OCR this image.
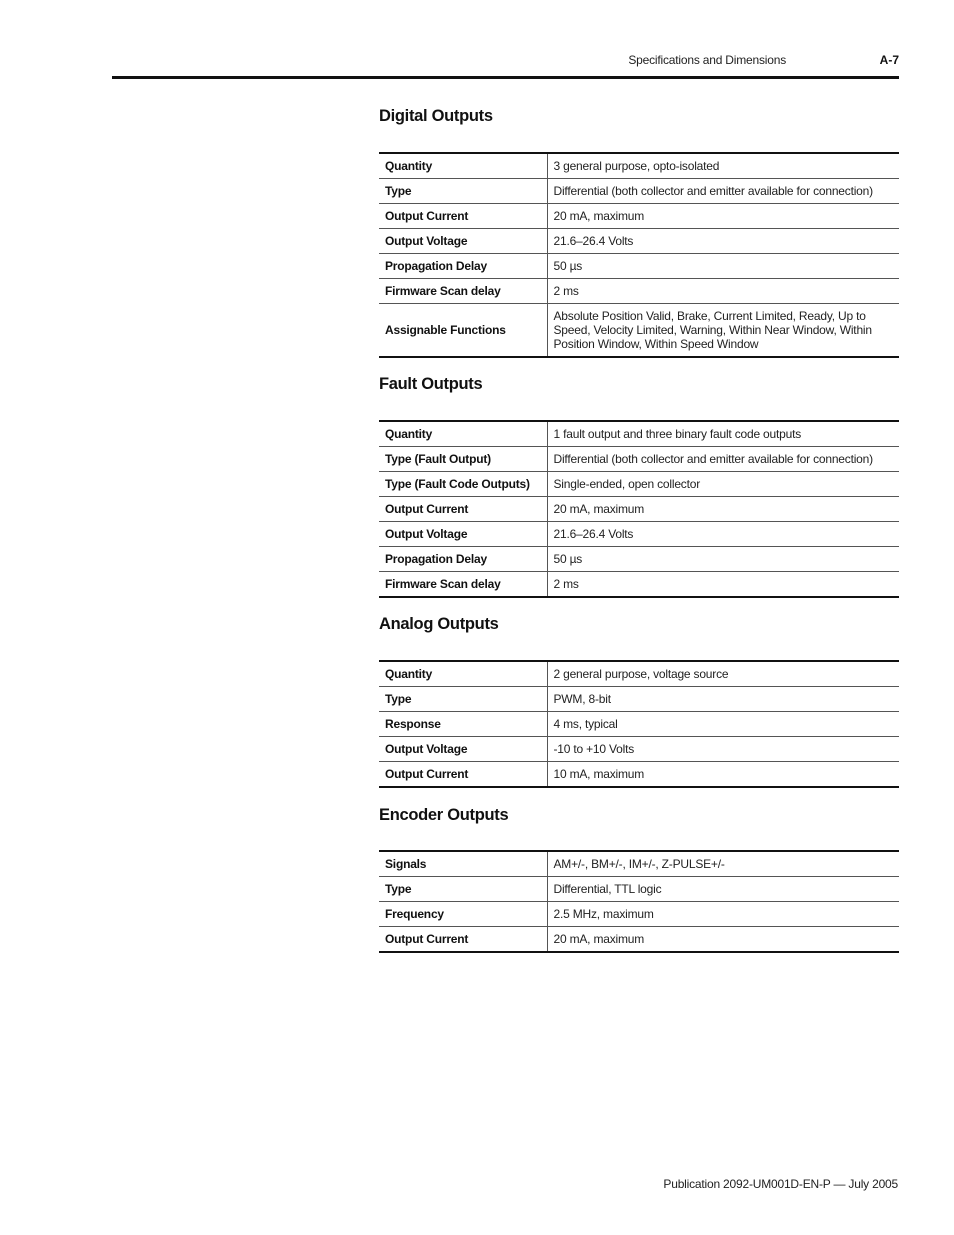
Specifications and Dimensions	A-7
Digital Outputs
Quantity	3 general purpose, opto-isolated
Type	Differential (both collector and emitter available for connection)
Output Current	20 mA, maximum
Output Voltage	21.6–26.4 Volts
Propagation Delay	50 µs
Firmware Scan delay	2 ms
Assignable Functions	Absolute Position Valid, Brake, Current Limited, Ready, Up to Speed, Velocity Limited, Warning, Within Near Window, Within Position Window, Within Speed Window
Fault Outputs
Quantity	1 fault output and three binary fault code outputs
Type (Fault Output)	Differential (both collector and emitter available for connection)
Type (Fault Code Outputs)	Single-ended, open collector
Output Current	20 mA, maximum
Output Voltage	21.6–26.4 Volts
Propagation Delay	50 µs
Firmware Scan delay	2 ms
Analog Outputs
Quantity	2 general purpose, voltage source
Type	PWM, 8-bit
Response	4 ms, typical
Output Voltage	-10 to +10 Volts
Output Current	10 mA, maximum
Encoder Outputs
Signals	AM+/-, BM+/-, IM+/-, Z-PULSE+/-
Type	Differential, TTL logic
Frequency	2.5 MHz, maximum
Output Current	20 mA, maximum
Publication 2092-UM001D-EN-P — July 2005
